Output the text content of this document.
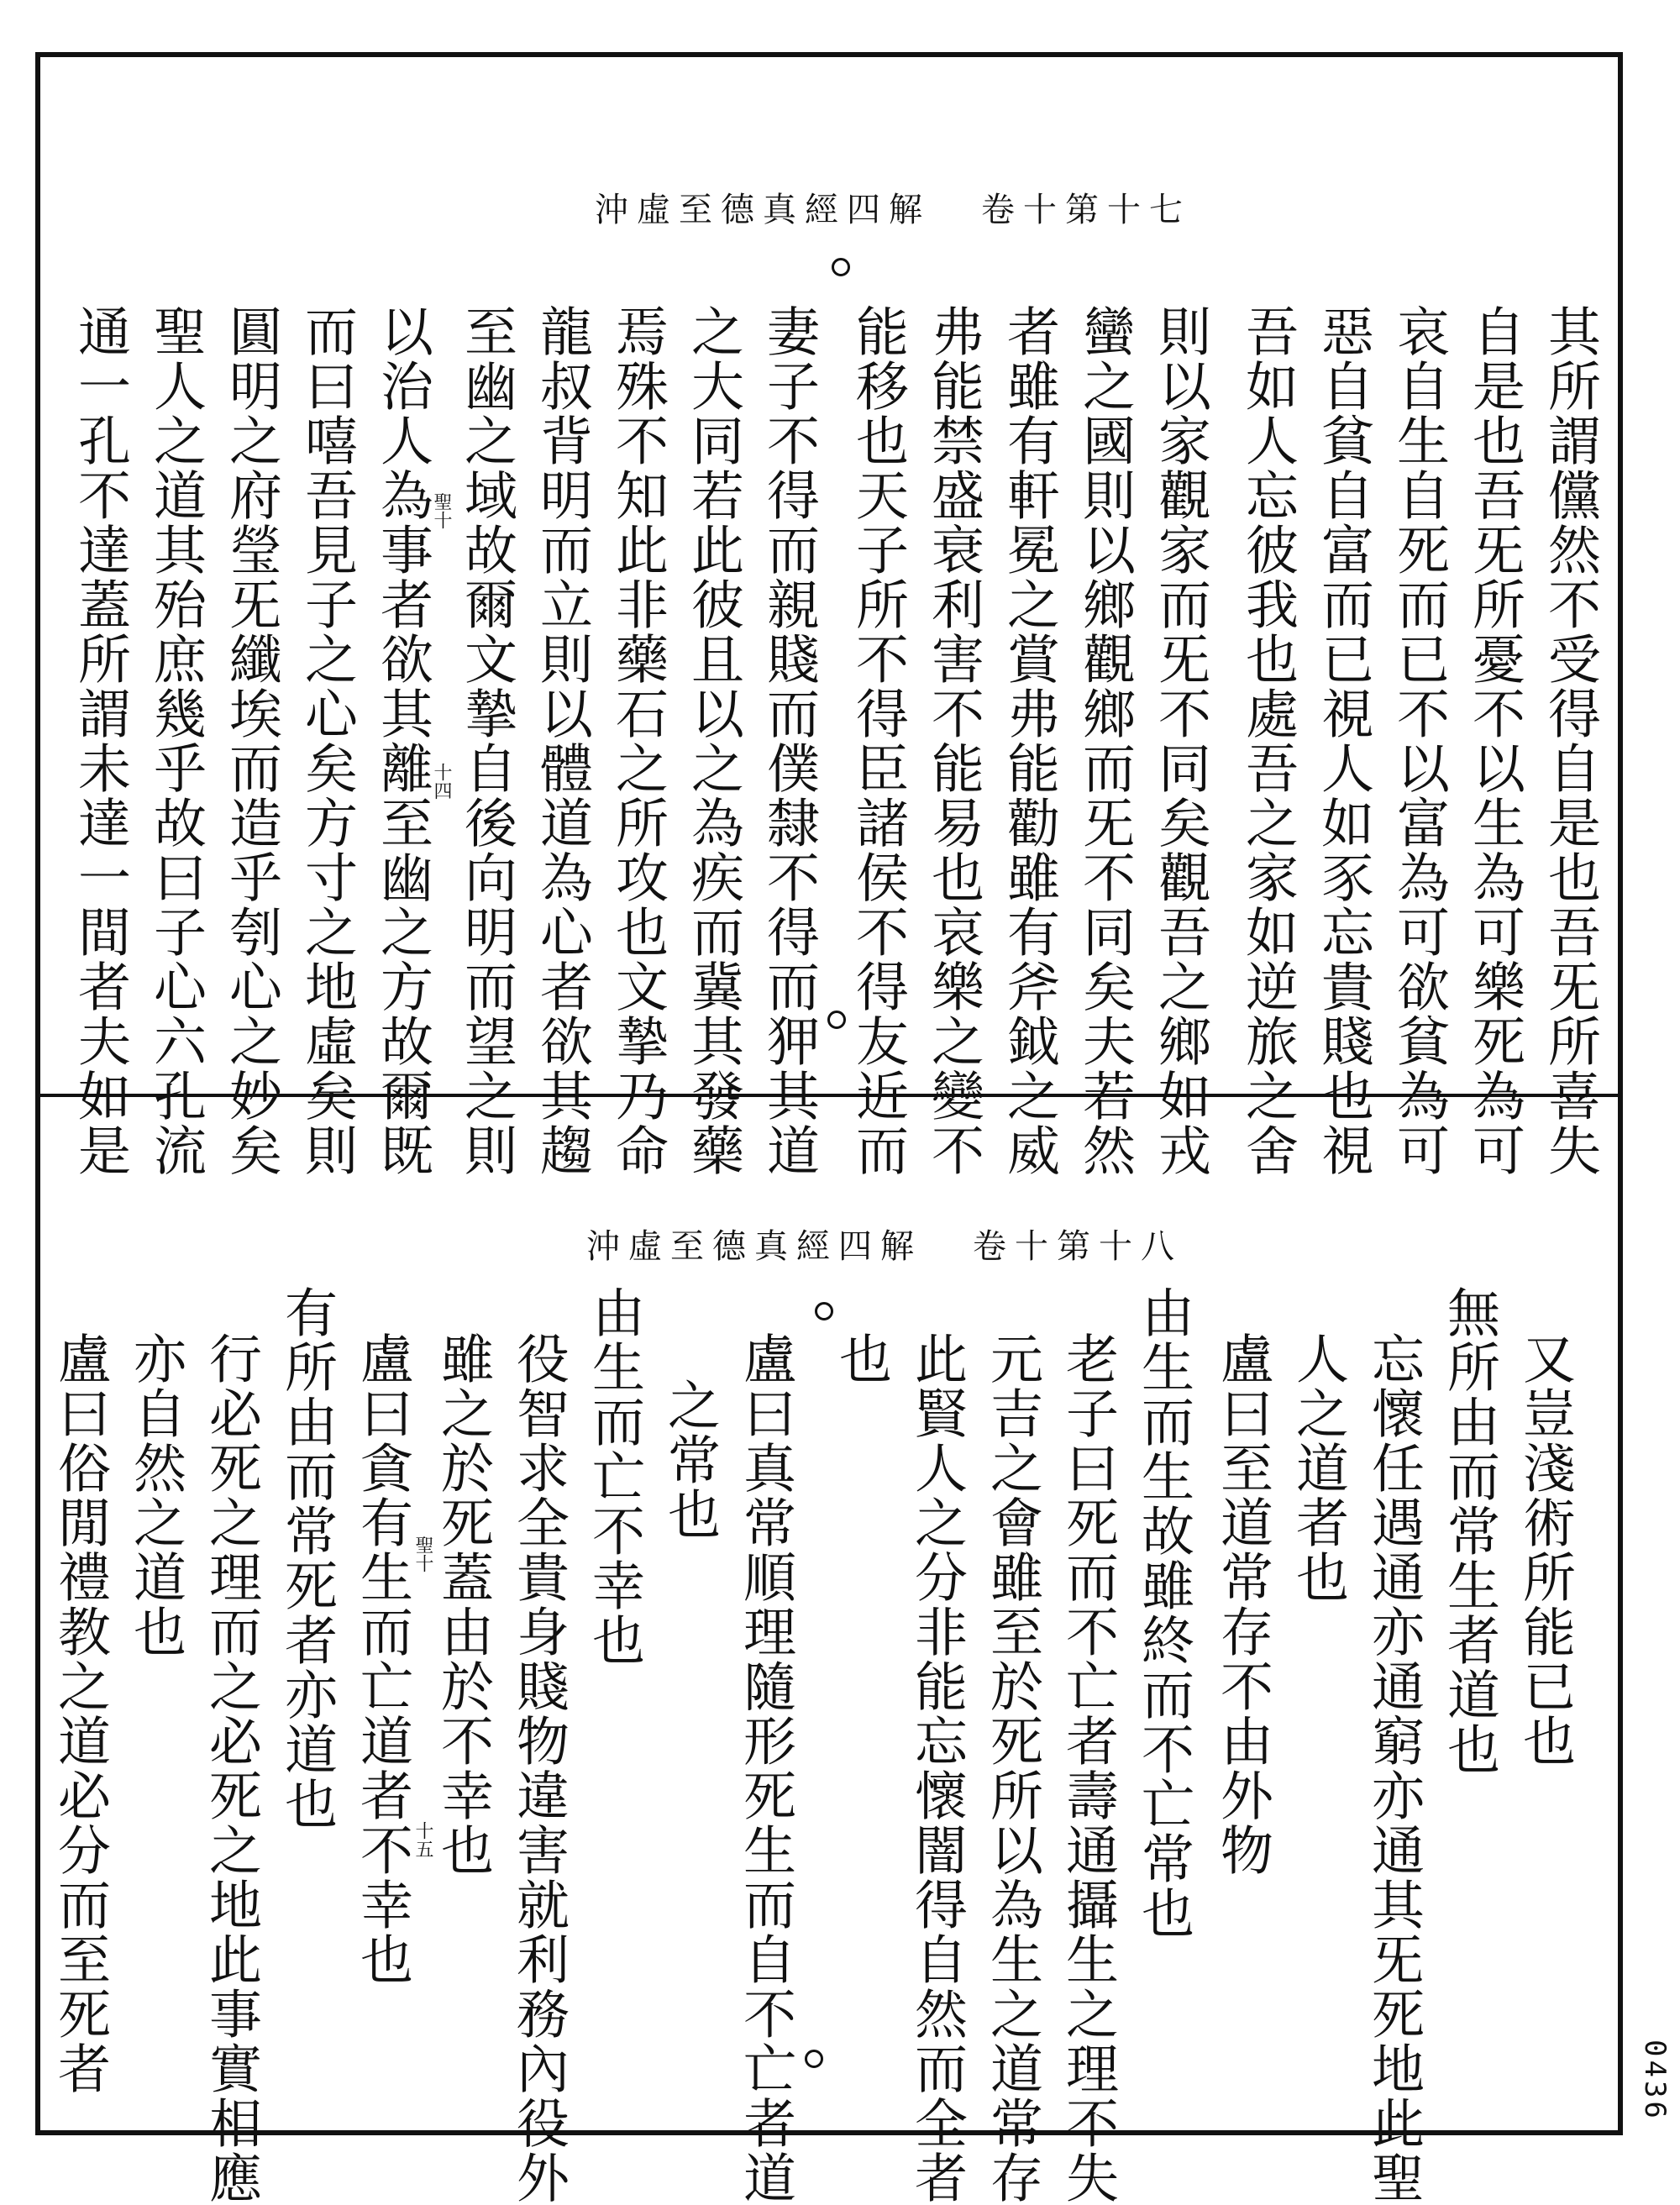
沖虛至德真經四解 卷十第十七
其所謂儻然不受得自是也吾旡所喜失
自是也吾旡所憂不以生為可樂死為可
哀自生自死而已不以富為可欲貧為可
惡自貧自富而已視人如豕忘貴賤也視
吾如人忘彼我也處吾之家如逆旅之舍
則以家觀家而旡不同矣觀吾之鄉如戎
蠻之國則以鄉觀鄉而旡不同矣夫若然
者雖有軒冕之賞弗能勸雖有斧鉞之威
弗能禁盛衰利害不能易也哀樂之變不
能移也天子所不得臣諸侯不得友近而
妻子不得而親賤而僕隸不得而狎其道
之大同若此彼且以之為疾而冀其發藥
焉殊不知此非藥石之所攻也文摯乃命
龍叔背明而立則以體道為心者欲其趨
至幽之域故爾文摯自後向明而望之則
以治人為事者欲其離至幽之方故爾既
而曰嘻吾見子之心矣方寸之地虛矣則
圓明之府瑩旡纖埃而造乎刳心之妙矣
聖人之道其殆庶幾乎故曰子心六孔流
通一孔不達蓋所謂未達一間者夫如是	聖十
十四
沖虛至德真經四解 卷十第十八
又豈淺術所能已也
無所由而常生者道也
忘懷任遇通亦通窮亦通其旡死地此聖
人之道者也
盧曰至道常存不由外物
由生而生故雖終而不亡常也
老子曰死而不亡者壽通攝生之理不失
元吉之會雖至於死所以為生之道常存
此賢人之分非能忘懷闇得自然而全者
也
盧曰真常順理隨形死生而自不亡者道
之常也
由生而亡不幸也
役智求全貴身賤物違害就利務內役外
雖之於死蓋由於不幸也
盧曰貪有生而亡道者不幸也
有所由而常死者亦道也
行必死之理而之必死之地此事實相應
亦自然之道也
盧曰俗閒禮教之道必分而至死者	聖十
十五
0436
